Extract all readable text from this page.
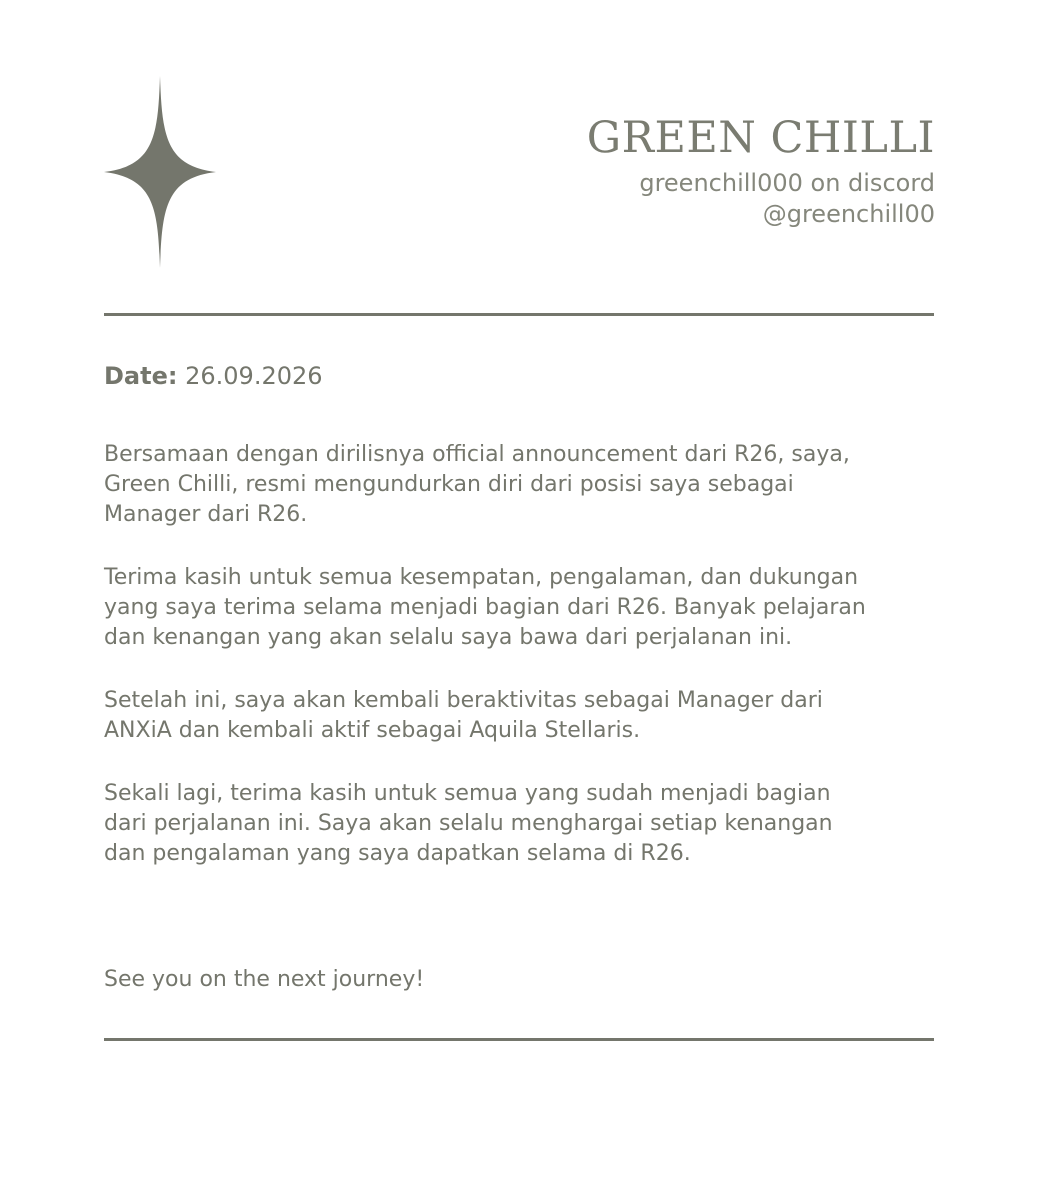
GREEN CHILLI

greenchill000 on discord

@greenchill00

Date: 26.09.2026

Bersamaan dengan dirilisnya official announcement dari R26, saya,
Green Chilli, resmi mengundurkan diri dari posisi saya sebagai
Manager dari R26.

Terima kasih untuk semua kesempatan, pengalaman, dan dukungan
yang saya terima selama menjadi bagian dari R26. Banyak pelajaran
dan kenangan yang akan selalu saya bawa dari perjalanan ini.

Setelah ini, saya akan kembali beraktivitas sebagai Manager dari
ANXiA dan kembali aktif sebagai Aquila Stellaris.

Sekali lagi, terima kasih untuk semua yang sudah menjadi bagian
dari perjalanan ini. Saya akan selalu menghargai setiap kenangan
dan pengalaman yang saya dapatkan selama di R26.

See you on the next journey!
